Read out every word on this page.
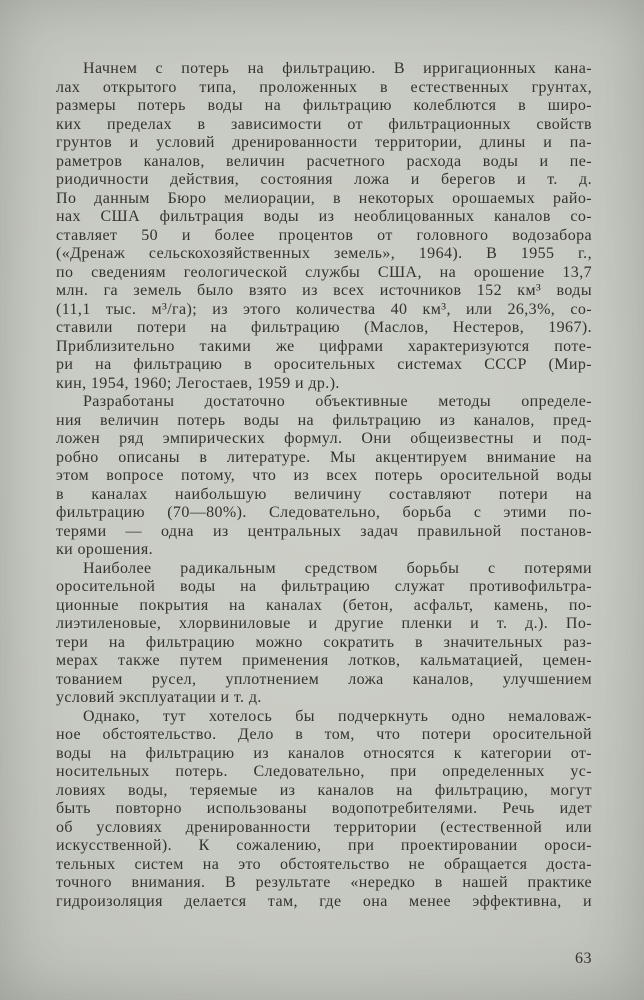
Начнем с потерь на фильтрацию. В ирригационных кана-
лах открытого типа, проложенных в естественных грунтах,
размеры потерь воды на фильтрацию колеблются в широ-
ких пределах в зависимости от фильтрационных свойств
грунтов и условий дренированности территории, длины и па-
раметров каналов, величин расчетного расхода воды и пе-
риодичности действия, состояния ложа и берегов и т. д.
По данным Бюро мелиорации, в некоторых орошаемых райо-
нах США фильтрация воды из необлицованных каналов со-
ставляет 50 и более процентов от головного водозабора
(«Дренаж сельскохозяйственных земель», 1964). В 1955 г.,
по сведениям геологической службы США, на орошение 13,7
млн. га земель было взято из всех источников 152 км³ воды
(11,1 тыс. м³/га); из этого количества 40 км³, или 26,3%, со-
ставили потери на фильтрацию (Маслов, Нестеров, 1967).
Приблизительно такими же цифрами характеризуются поте-
ри на фильтрацию в оросительных системах СССР (Мир-
кин, 1954, 1960; Легостаев, 1959 и др.).
Разработаны достаточно объективные методы определе-
ния величин потерь воды на фильтрацию из каналов, пред-
ложен ряд эмпирических формул. Они общеизвестны и под-
робно описаны в литературе. Мы акцентируем внимание на
этом вопросе потому, что из всех потерь оросительной воды
в каналах наибольшую величину составляют потери на
фильтрацию (70—80%). Следовательно, борьба с этими по-
терями — одна из центральных задач правильной постанов-
ки орошения.
Наиболее радикальным средством борьбы с потерями
оросительной воды на фильтрацию служат противофильтра-
ционные покрытия на каналах (бетон, асфальт, камень, по-
лиэтиленовые, хлорвиниловые и другие пленки и т. д.). По-
тери на фильтрацию можно сократить в значительных раз-
мерах также путем применения лотков, кальматацией, цемен-
тованием русел, уплотнением ложа каналов, улучшением
условий эксплуатации и т. д.
Однако, тут хотелось бы подчеркнуть одно немаловаж-
ное обстоятельство. Дело в том, что потери оросительной
воды на фильтрацию из каналов относятся к категории от-
носительных потерь. Следовательно, при определенных ус-
ловиях воды, теряемые из каналов на фильтрацию, могут
быть повторно использованы водопотребителями. Речь идет
об условиях дренированности территории (естественной или
искусственной). К сожалению, при проектировании ороси-
тельных систем на это обстоятельство не обращается доста-
точного внимания. В результате «нередко в нашей практике
гидроизоляция делается там, где она менее эффективна, и
63
